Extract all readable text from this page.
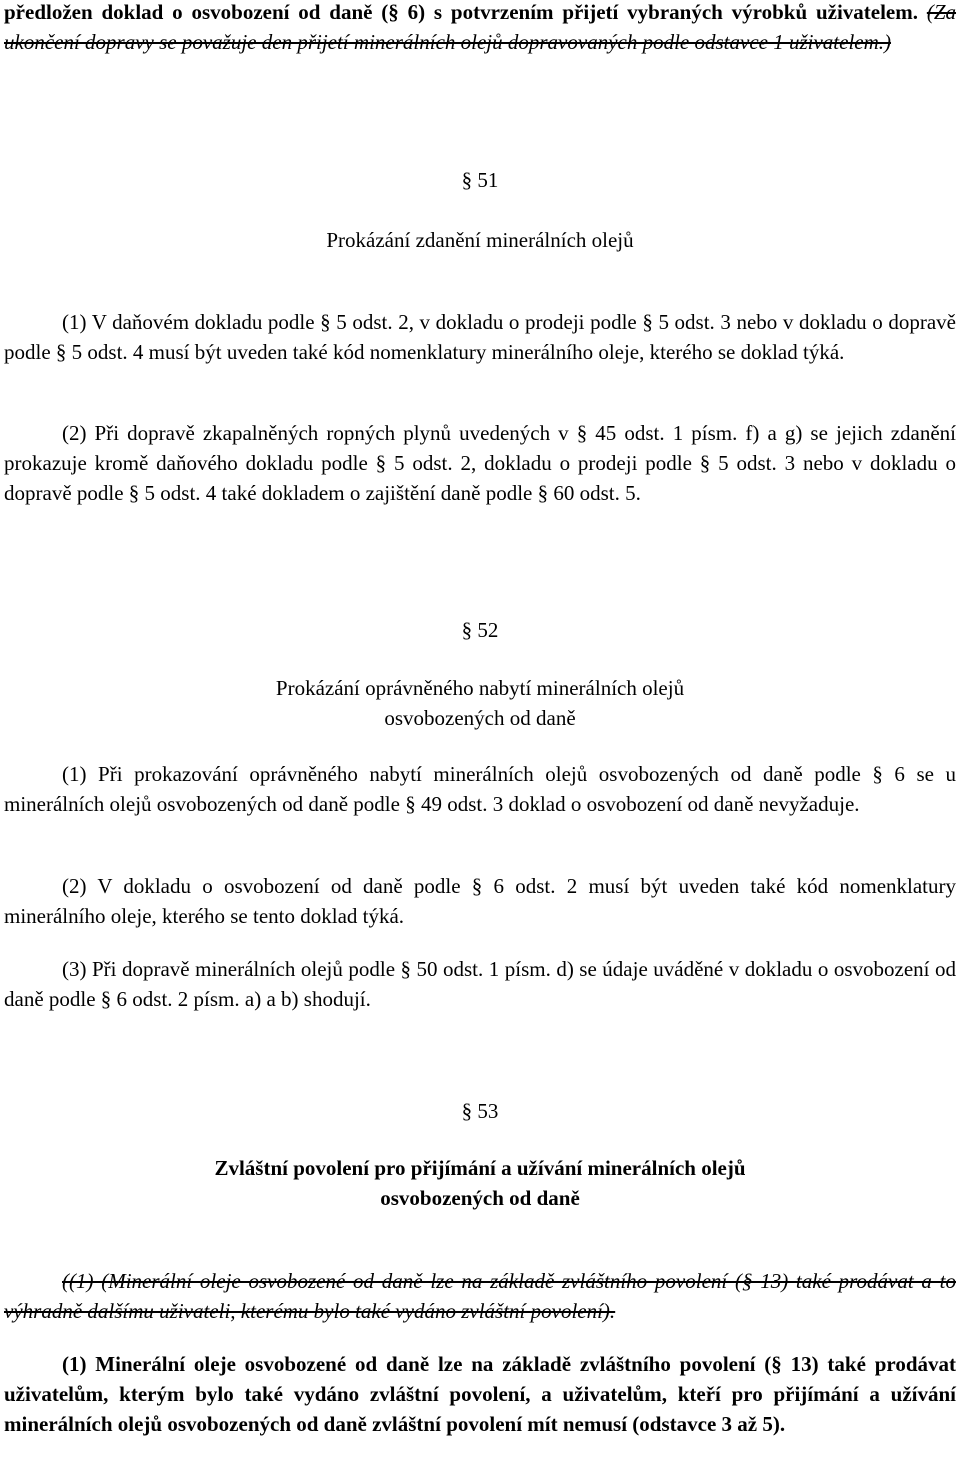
předložen doklad o osvobození od daně (§ 6) s potvrzením přijetí vybraných výrobků uživatelem. (Za ukončení dopravy se považuje den přijetí minerálních olejů dopravovaných podle odstavce 1 uživatelem.)

§ 51

Prokázání zdanění minerálních olejů

(1) V daňovém dokladu podle § 5 odst. 2, v dokladu o prodeji podle § 5 odst. 3 nebo v dokladu o dopravě podle § 5 odst. 4 musí být uveden také kód nomenklatury minerálního oleje, kterého se doklad týká.

(2) Při dopravě zkapalněných ropných plynů uvedených v § 45 odst. 1 písm. f) a g) se jejich zdanění prokazuje kromě daňového dokladu podle § 5 odst. 2, dokladu o prodeji podle § 5 odst. 3 nebo v dokladu o dopravě podle § 5 odst. 4 také dokladem o zajištění daně podle § 60 odst. 5.

§ 52

Prokázání oprávněného nabytí minerálních olejů

osvobozených od daně

(1) Při prokazování oprávněného nabytí minerálních olejů osvobozených od daně podle § 6 se u minerálních olejů osvobozených od daně podle § 49 odst. 3 doklad o osvobození od daně nevyžaduje.

(2) V dokladu o osvobození od daně podle § 6 odst. 2 musí být uveden také kód nomenklatury minerálního oleje, kterého se tento doklad týká.

(3) Při dopravě minerálních olejů podle § 50 odst. 1 písm. d) se údaje uváděné v dokladu o osvobození od daně podle § 6 odst. 2 písm. a) a b) shodují.

§ 53

Zvláštní povolení pro přijímání a užívání minerálních olejů

osvobozených od daně

((1) (Minerální oleje osvobozené od daně lze na základě zvláštního povolení (§ 13) také prodávat a to výhradně dalšímu uživateli, kterému bylo také vydáno zvláštní povolení).

(1) Minerální oleje osvobozené od daně lze na základě zvláštního povolení (§ 13) také prodávat uživatelům, kterým bylo také vydáno zvláštní povolení, a uživatelům, kteří pro přijímání a užívání minerálních olejů osvobozených od daně zvláštní povolení mít nemusí (odstavce 3 až 5).
